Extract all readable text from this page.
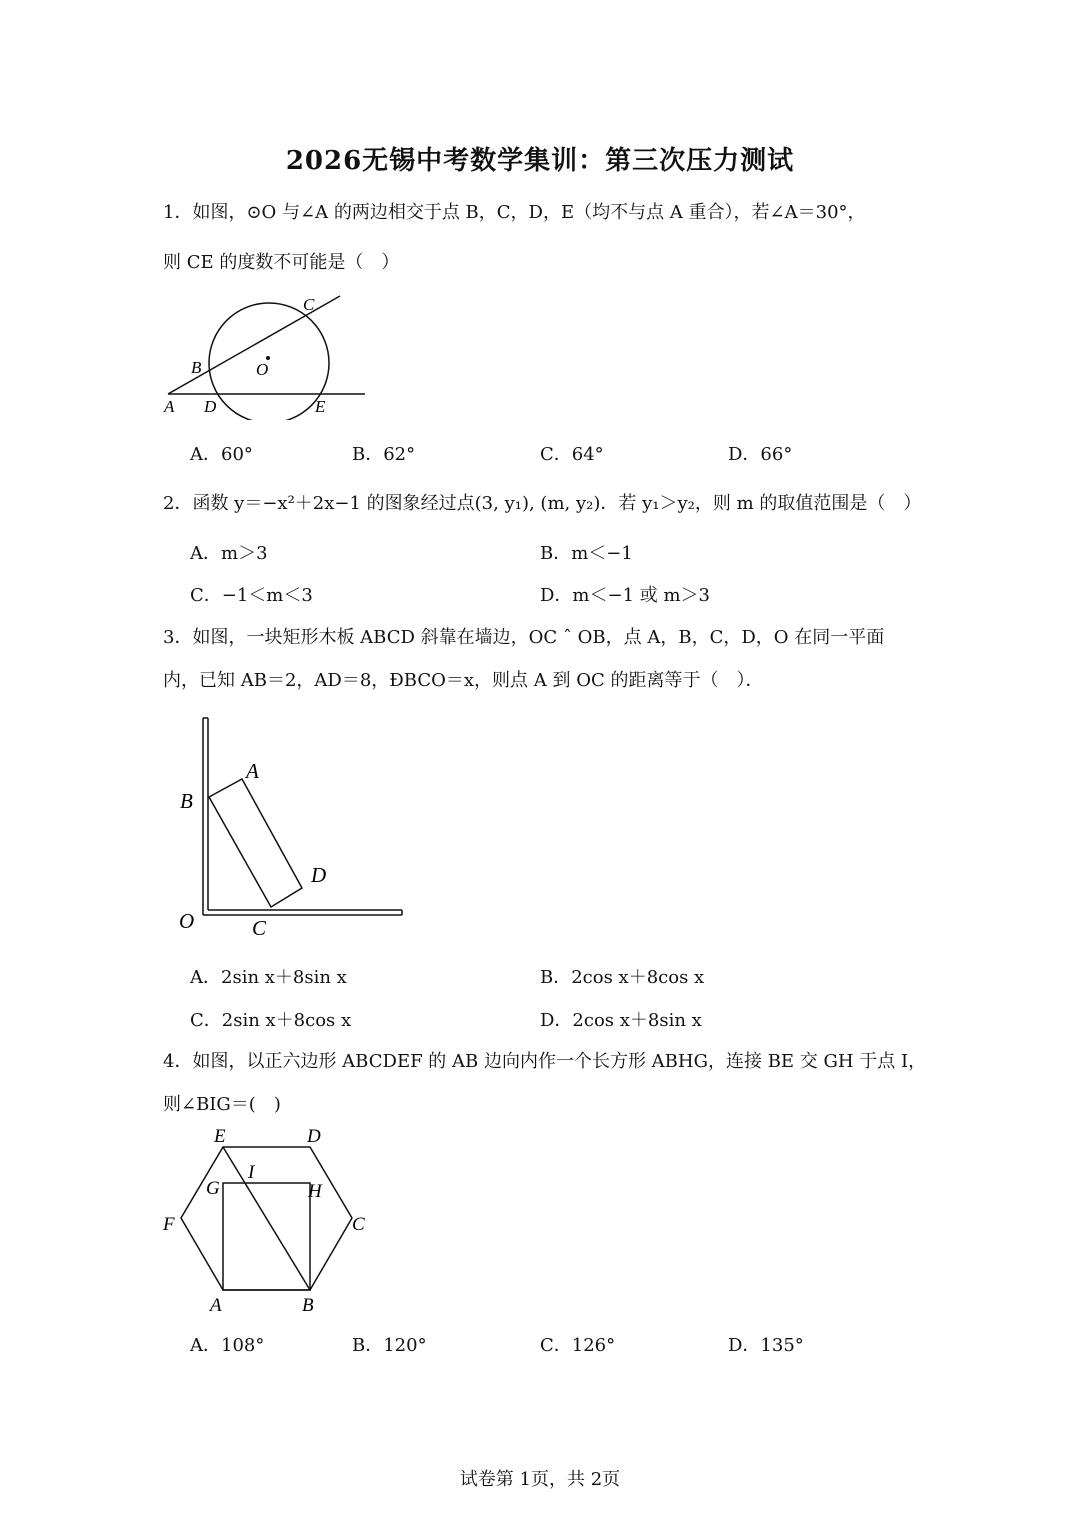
2026无锡中考数学集训：第三次压力测试
1．如图，⊙O 与∠A 的两边相交于点 B，C，D，E（均不与点 A 重合），若∠A＝30°，
则 CE 的度数不可能是（　）
C
B	O
A D	E
A．60°	B．62°	C．64°	D．66°
2．函数 y＝−x²＋2x−1 的图象经过点(3, y₁), (m, y₂)．若 y₁＞y₂，则 m 的取值范围是（　）
A．m＞3	B．m＜−1
C．−1＜m＜3	D．m＜−1 或 m＞3
3．如图，一块矩形木板 ABCD 斜靠在墙边，OC ˆ OB，点 A，B，C，D，O 在同一平面
内，已知 AB＝2，AD＝8，ÐBCO＝x，则点 A 到 OC 的距离等于（　）．
A
B
D
O	C
A．2sin x＋8sin x	B．2cos x＋8cos x
C．2sin x＋8cos x	D．2cos x＋8sin x
4．如图，以正六边形 ABCDEF 的 AB 边向内作一个长方形 ABHG，连接 BE 交 GH 于点 I，
则∠BIG＝(　)
E	D
I
G	H
F	C
A	B
A．108°	B．120°	C．126°	D．135°
试卷第 1页，共 2页
